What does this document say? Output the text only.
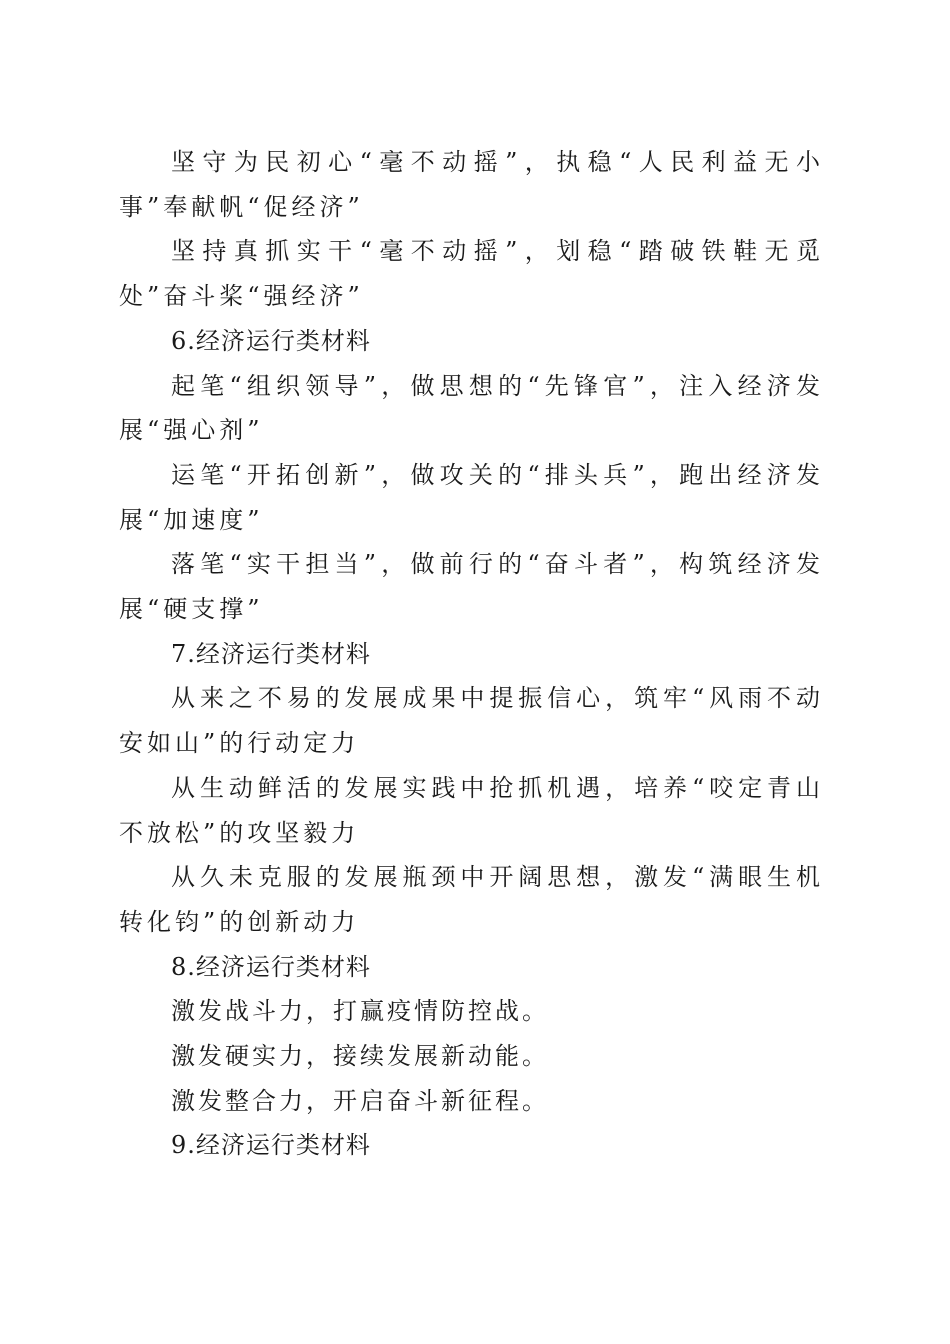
坚守为民初心“毫不动摇”，执稳“人民利益无小事”奉献帆“促经济”

坚持真抓实干“毫不动摇”，划稳“踏破铁鞋无觅处”奋斗桨“强经济”

6.经济运行类材料

起笔“组织领导”，做思想的“先锋官”，注入经济发展“强心剂”

运笔“开拓创新”，做攻关的“排头兵”，跑出经济发展“加速度”

落笔“实干担当”，做前行的“奋斗者”，构筑经济发展“硬支撑”

7.经济运行类材料

从来之不易的发展成果中提振信心，筑牢“风雨不动安如山”的行动定力

从生动鲜活的发展实践中抢抓机遇，培养“咬定青山不放松”的攻坚毅力

从久未克服的发展瓶颈中开阔思想，激发“满眼生机转化钧”的创新动力

8.经济运行类材料

激发战斗力，打赢疫情防控战。

激发硬实力，接续发展新动能。

激发整合力，开启奋斗新征程。

9.经济运行类材料
